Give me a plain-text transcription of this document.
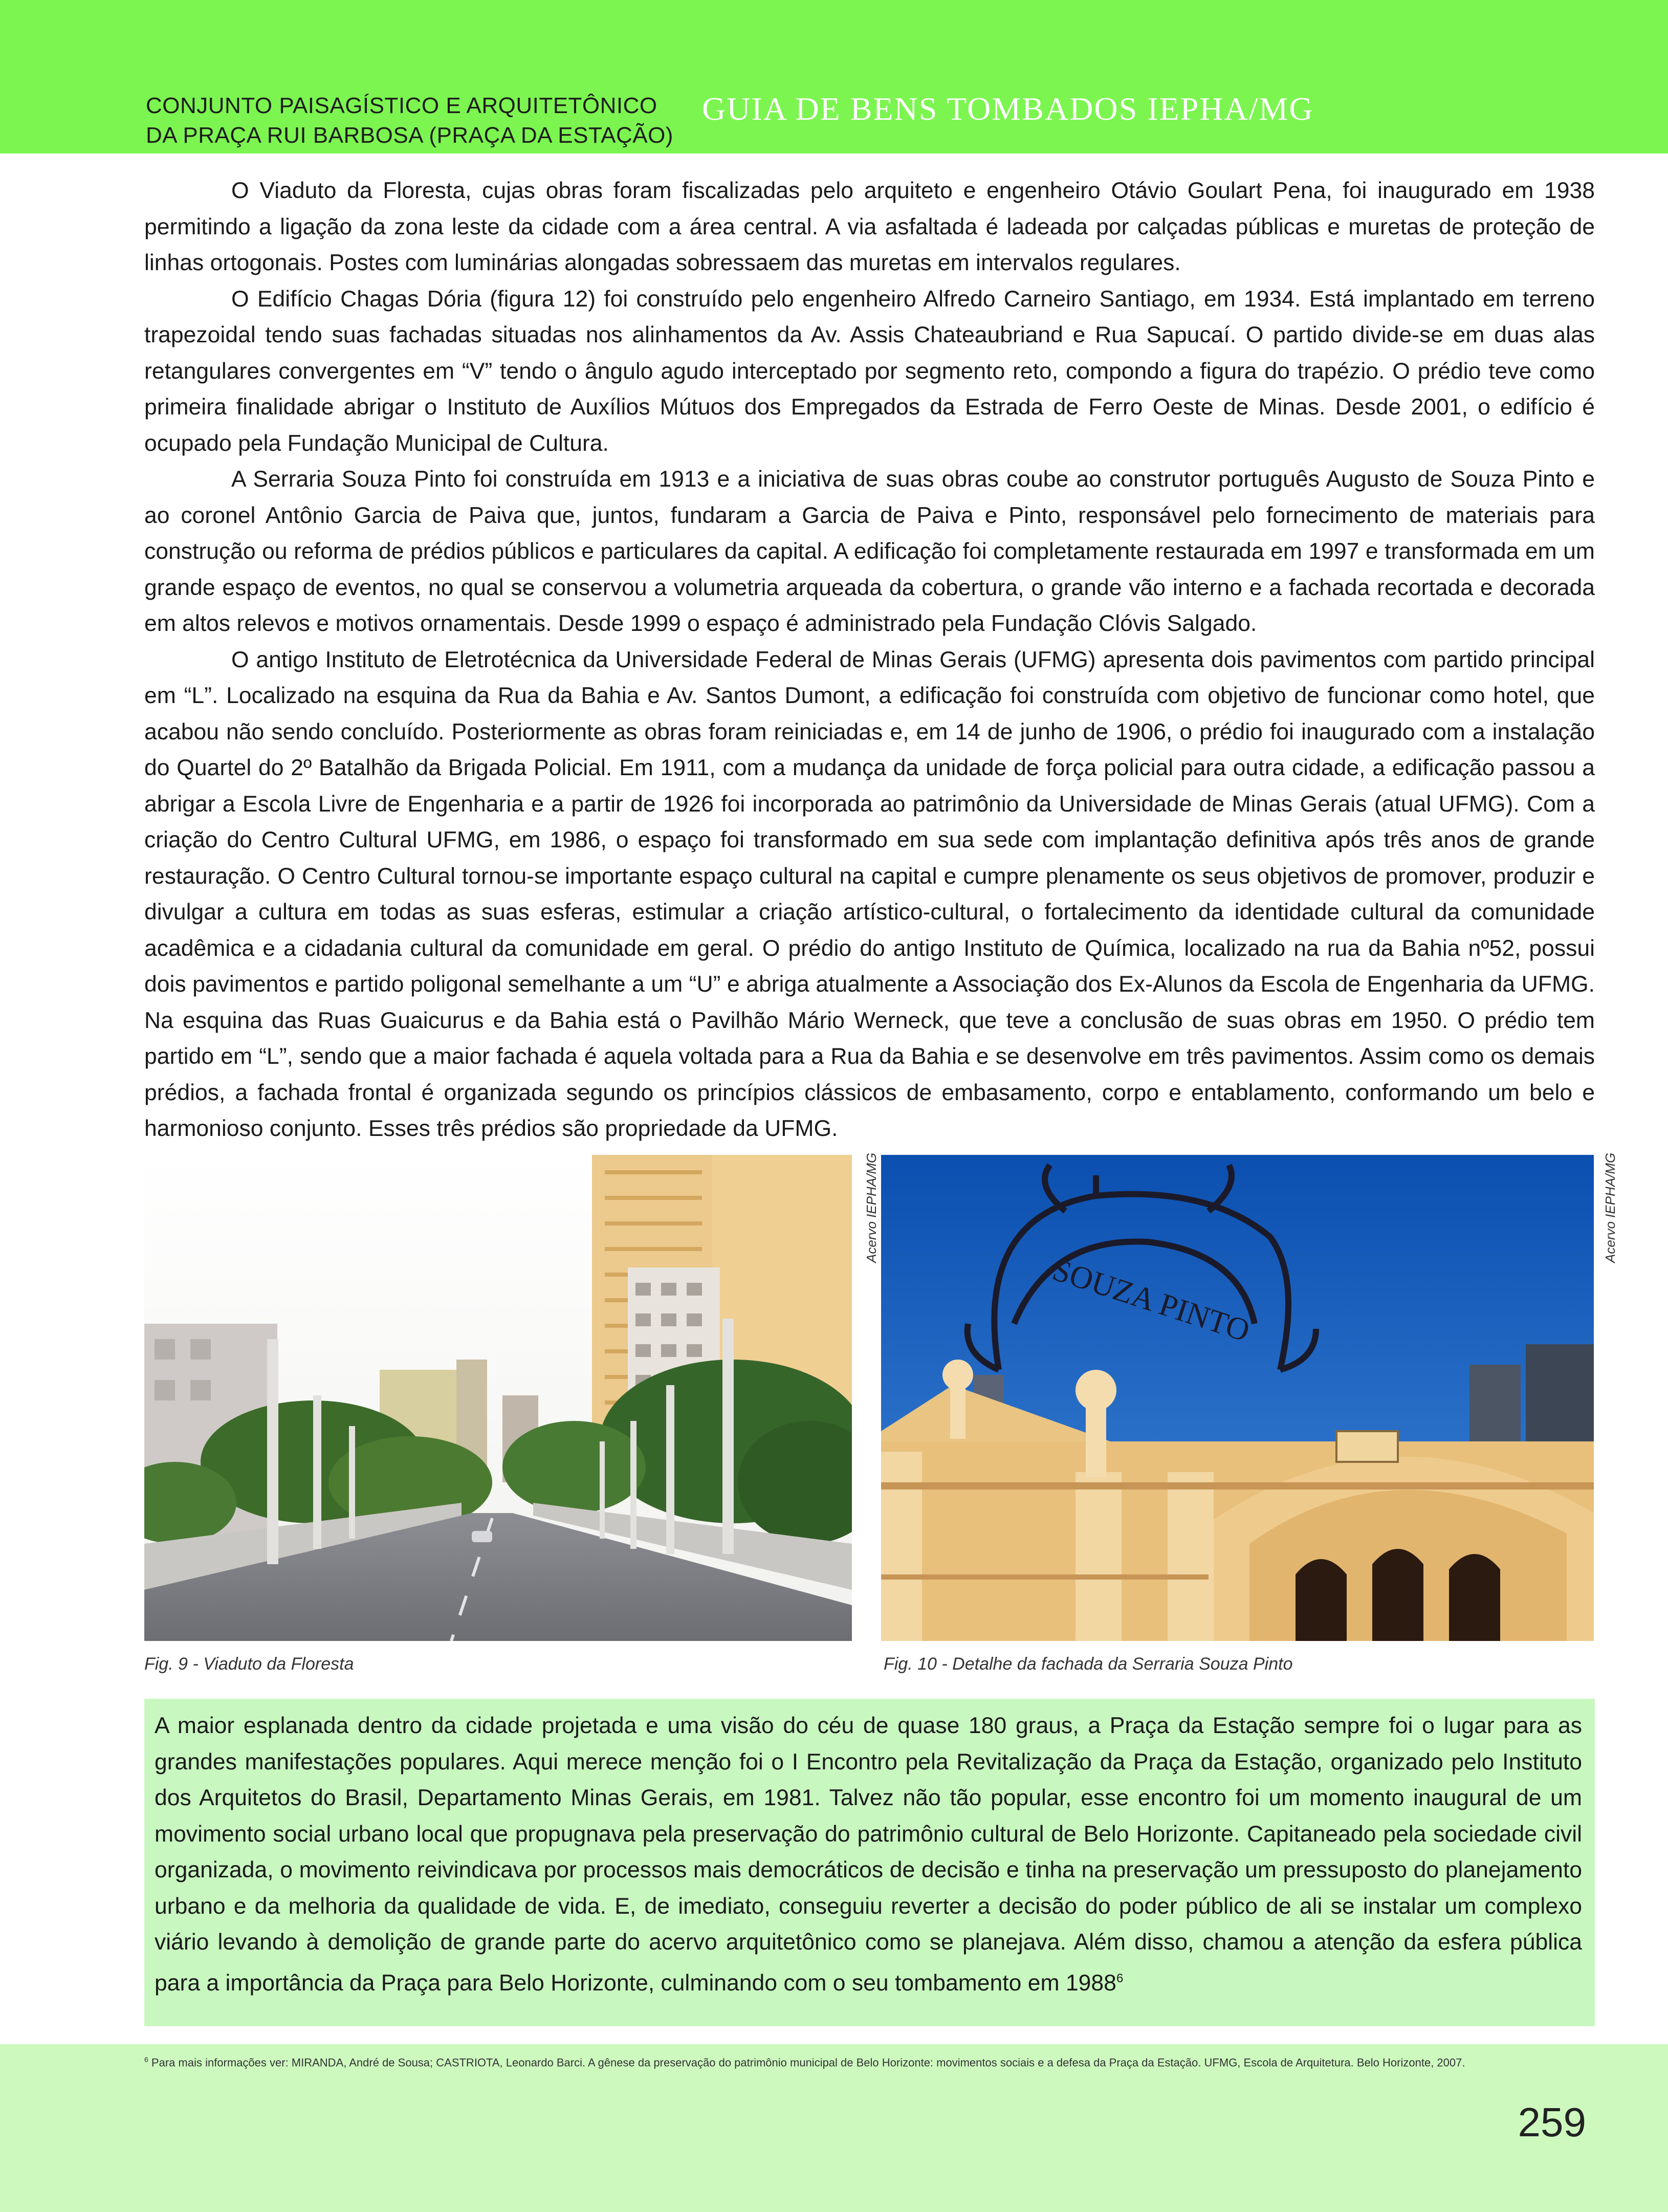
CONJUNTO PAISAGÍSTICO E ARQUITETÔNICO
DA PRAÇA RUI BARBOSA (PRAÇA DA ESTAÇÃO)
GUIA DE BENS TOMBADOS IEPHA/MG

O Viaduto da Floresta, cujas obras foram fiscalizadas pelo arquiteto e engenheiro Otávio Goulart Pena, foi inaugurado em 1938 permitindo a ligação da zona leste da cidade com a área central. A via asfaltada é ladeada por calçadas públicas e muretas de proteção de linhas ortogonais. Postes com luminárias alongadas sobressaem das muretas em intervalos regulares.

O Edifício Chagas Dória (figura 12) foi construído pelo engenheiro Alfredo Carneiro Santiago, em 1934. Está implantado em terreno trapezoidal tendo suas fachadas situadas nos alinhamentos da Av. Assis Chateaubriand e Rua Sapucaí. O partido divide-se em duas alas retangulares convergentes em “V” tendo o ângulo agudo interceptado por segmento reto, compondo a figura do trapézio. O prédio teve como primeira finalidade abrigar o Instituto de Auxílios Mútuos dos Empregados da Estrada de Ferro Oeste de Minas. Desde 2001, o edifício é ocupado pela Fundação Municipal de Cultura.

A Serraria Souza Pinto foi construída em 1913 e a iniciativa de suas obras coube ao construtor português Augusto de Souza Pinto e ao coronel Antônio Garcia de Paiva que, juntos, fundaram a Garcia de Paiva e Pinto, responsável pelo fornecimento de materiais para construção ou reforma de prédios públicos e particulares da capital. A edificação foi completamente restaurada em 1997 e transformada em um grande espaço de eventos, no qual se conservou a volumetria arqueada da cobertura, o grande vão interno e a fachada recortada e decorada em altos relevos e motivos ornamentais. Desde 1999 o espaço é administrado pela Fundação Clóvis Salgado.

O antigo Instituto de Eletrotécnica da Universidade Federal de Minas Gerais (UFMG) apresenta dois pavimentos com partido principal em “L”. Localizado na esquina da Rua da Bahia e Av. Santos Dumont, a edificação foi construída com objetivo de funcionar como hotel, que acabou não sendo concluído. Posteriormente as obras foram reiniciadas e, em 14 de junho de 1906, o prédio foi inaugurado com a instalação do Quartel do 2º Batalhão da Brigada Policial. Em 1911, com a mudança da unidade de força policial para outra cidade, a edificação passou a abrigar a Escola Livre de Engenharia e a partir de 1926 foi incorporada ao patrimônio da Universidade de Minas Gerais (atual UFMG). Com a criação do Centro Cultural UFMG, em 1986, o espaço foi transformado em sua sede com implantação definitiva após três anos de grande restauração. O Centro Cultural tornou-se importante espaço cultural na capital e cumpre plenamente os seus objetivos de promover, produzir e divulgar a cultura em todas as suas esferas, estimular a criação artístico-cultural, o fortalecimento da identidade cultural da comunidade acadêmica e a cidadania cultural da comunidade em geral. O prédio do antigo Instituto de Química, localizado na rua da Bahia nº52, possui dois pavimentos e partido poligonal semelhante a um “U” e abriga atualmente a Associação dos Ex-Alunos da Escola de Engenharia da UFMG. Na esquina das Ruas Guaicurus e da Bahia está o Pavilhão Mário Werneck, que teve a conclusão de suas obras em 1950. O prédio tem partido em “L”, sendo que a maior fachada é aquela voltada para a Rua da Bahia e se desenvolve em três pavimentos. Assim como os demais prédios, a fachada frontal é organizada segundo os princípios clássicos de embasamento, corpo e entablamento, conformando um belo e harmonioso conjunto. Esses três prédios são propriedade da UFMG.

Acervo IEPHA/MG
Fig. 9 - Viaduto da Floresta
SOUZA PINTO
Acervo IEPHA/MG
Fig. 10 - Detalhe da fachada da Serraria Souza Pinto

A maior esplanada dentro da cidade projetada e uma visão do céu de quase 180 graus, a Praça da Estação sempre foi o lugar para as grandes manifestações populares. Aqui merece menção foi o I Encontro pela Revitalização da Praça da Estação, organizado pelo Instituto dos Arquitetos do Brasil, Departamento Minas Gerais, em 1981. Talvez não tão popular, esse encontro foi um momento inaugural de um movimento social urbano local que propugnava pela preservação do patrimônio cultural de Belo Horizonte. Capitaneado pela sociedade civil organizada, o movimento reivindicava por processos mais democráticos de decisão e tinha na preservação um pressuposto do planejamento urbano e da melhoria da qualidade de vida. E, de imediato, conseguiu reverter a decisão do poder público de ali se instalar um complexo viário levando à demolição de grande parte do acervo arquitetônico como se planejava. Além disso, chamou a atenção da esfera pública para a importância da Praça para Belo Horizonte, culminando com o seu tombamento em 1988$^6$

$^6$ Para mais informações ver: MIRANDA, André de Sousa; CASTRIOTA, Leonardo Barci. A gênese da preservação do patrimônio municipal de Belo Horizonte: movimentos sociais e a defesa da Praça da Estação. UFMG, Escola de Arquitetura. Belo Horizonte, 2007.
259
